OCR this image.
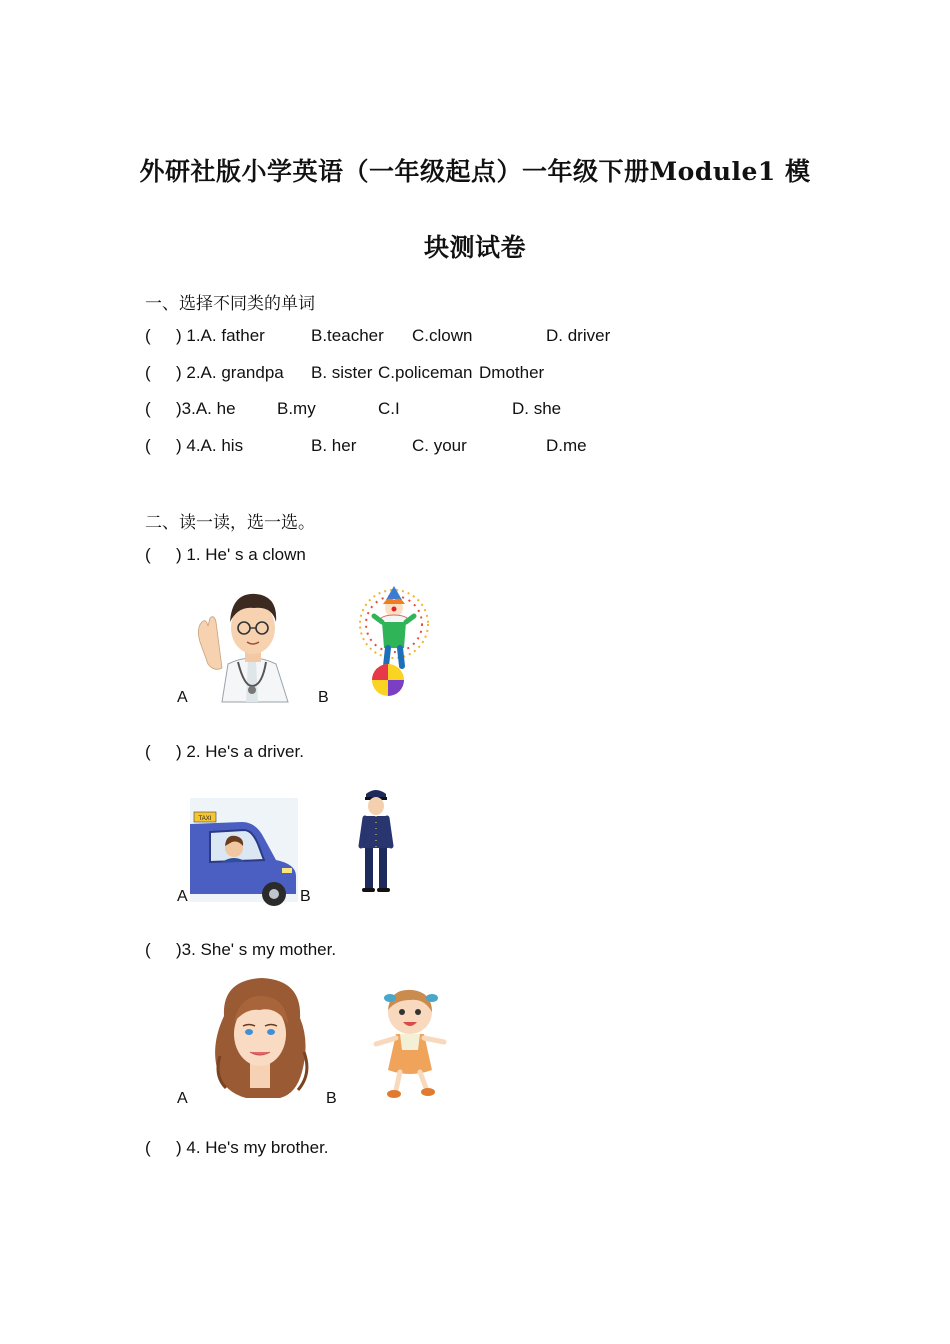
外研社版小学英语（一年级起点）一年级下册Module1 模
块测试卷
一、选择不同类的单词
( ) 1.A. father	B.teacher C.clown	D. driver
( ) 2.A. grandpa B. sister C.policeman Dmother
( )3.A. he B.my	C.I	D. she
( ) 4.A. his	B. her	C. your	D.me
二、读一读，选一选。
( ) 1. He' s a clown
A	B
( ) 2. He's a driver.
TAXI
A	B
( )3. She' s my mother.
A	B
( ) 4. He's my brother.
